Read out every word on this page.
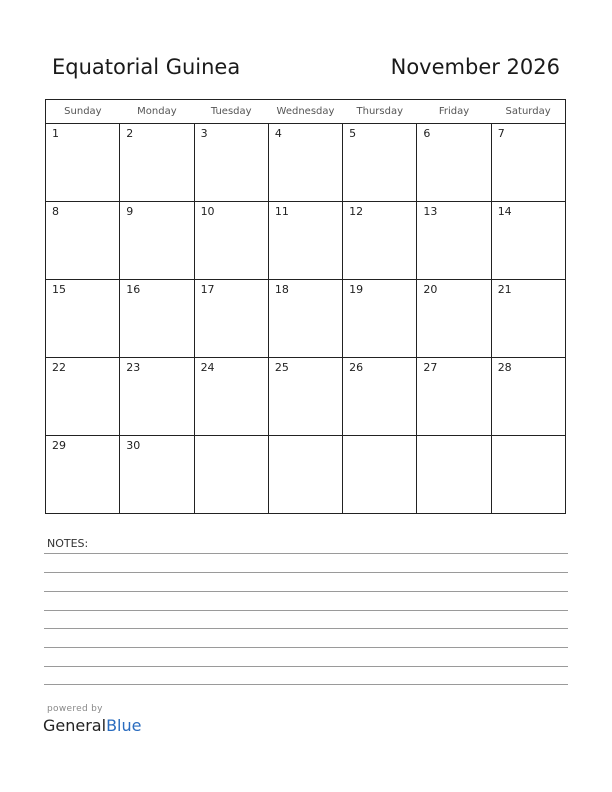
Equatorial Guinea	November 2026
Sunday	Monday	Tuesday	Wednesday	Thursday	Friday	Saturday

1	2	3	4	5	6	7

8	9	10	11	12	13	14

15	16	17	18	19	20	21

22	23	24	25	26	27	28

29	30					

NOTES:
powered by
GeneralBlue
